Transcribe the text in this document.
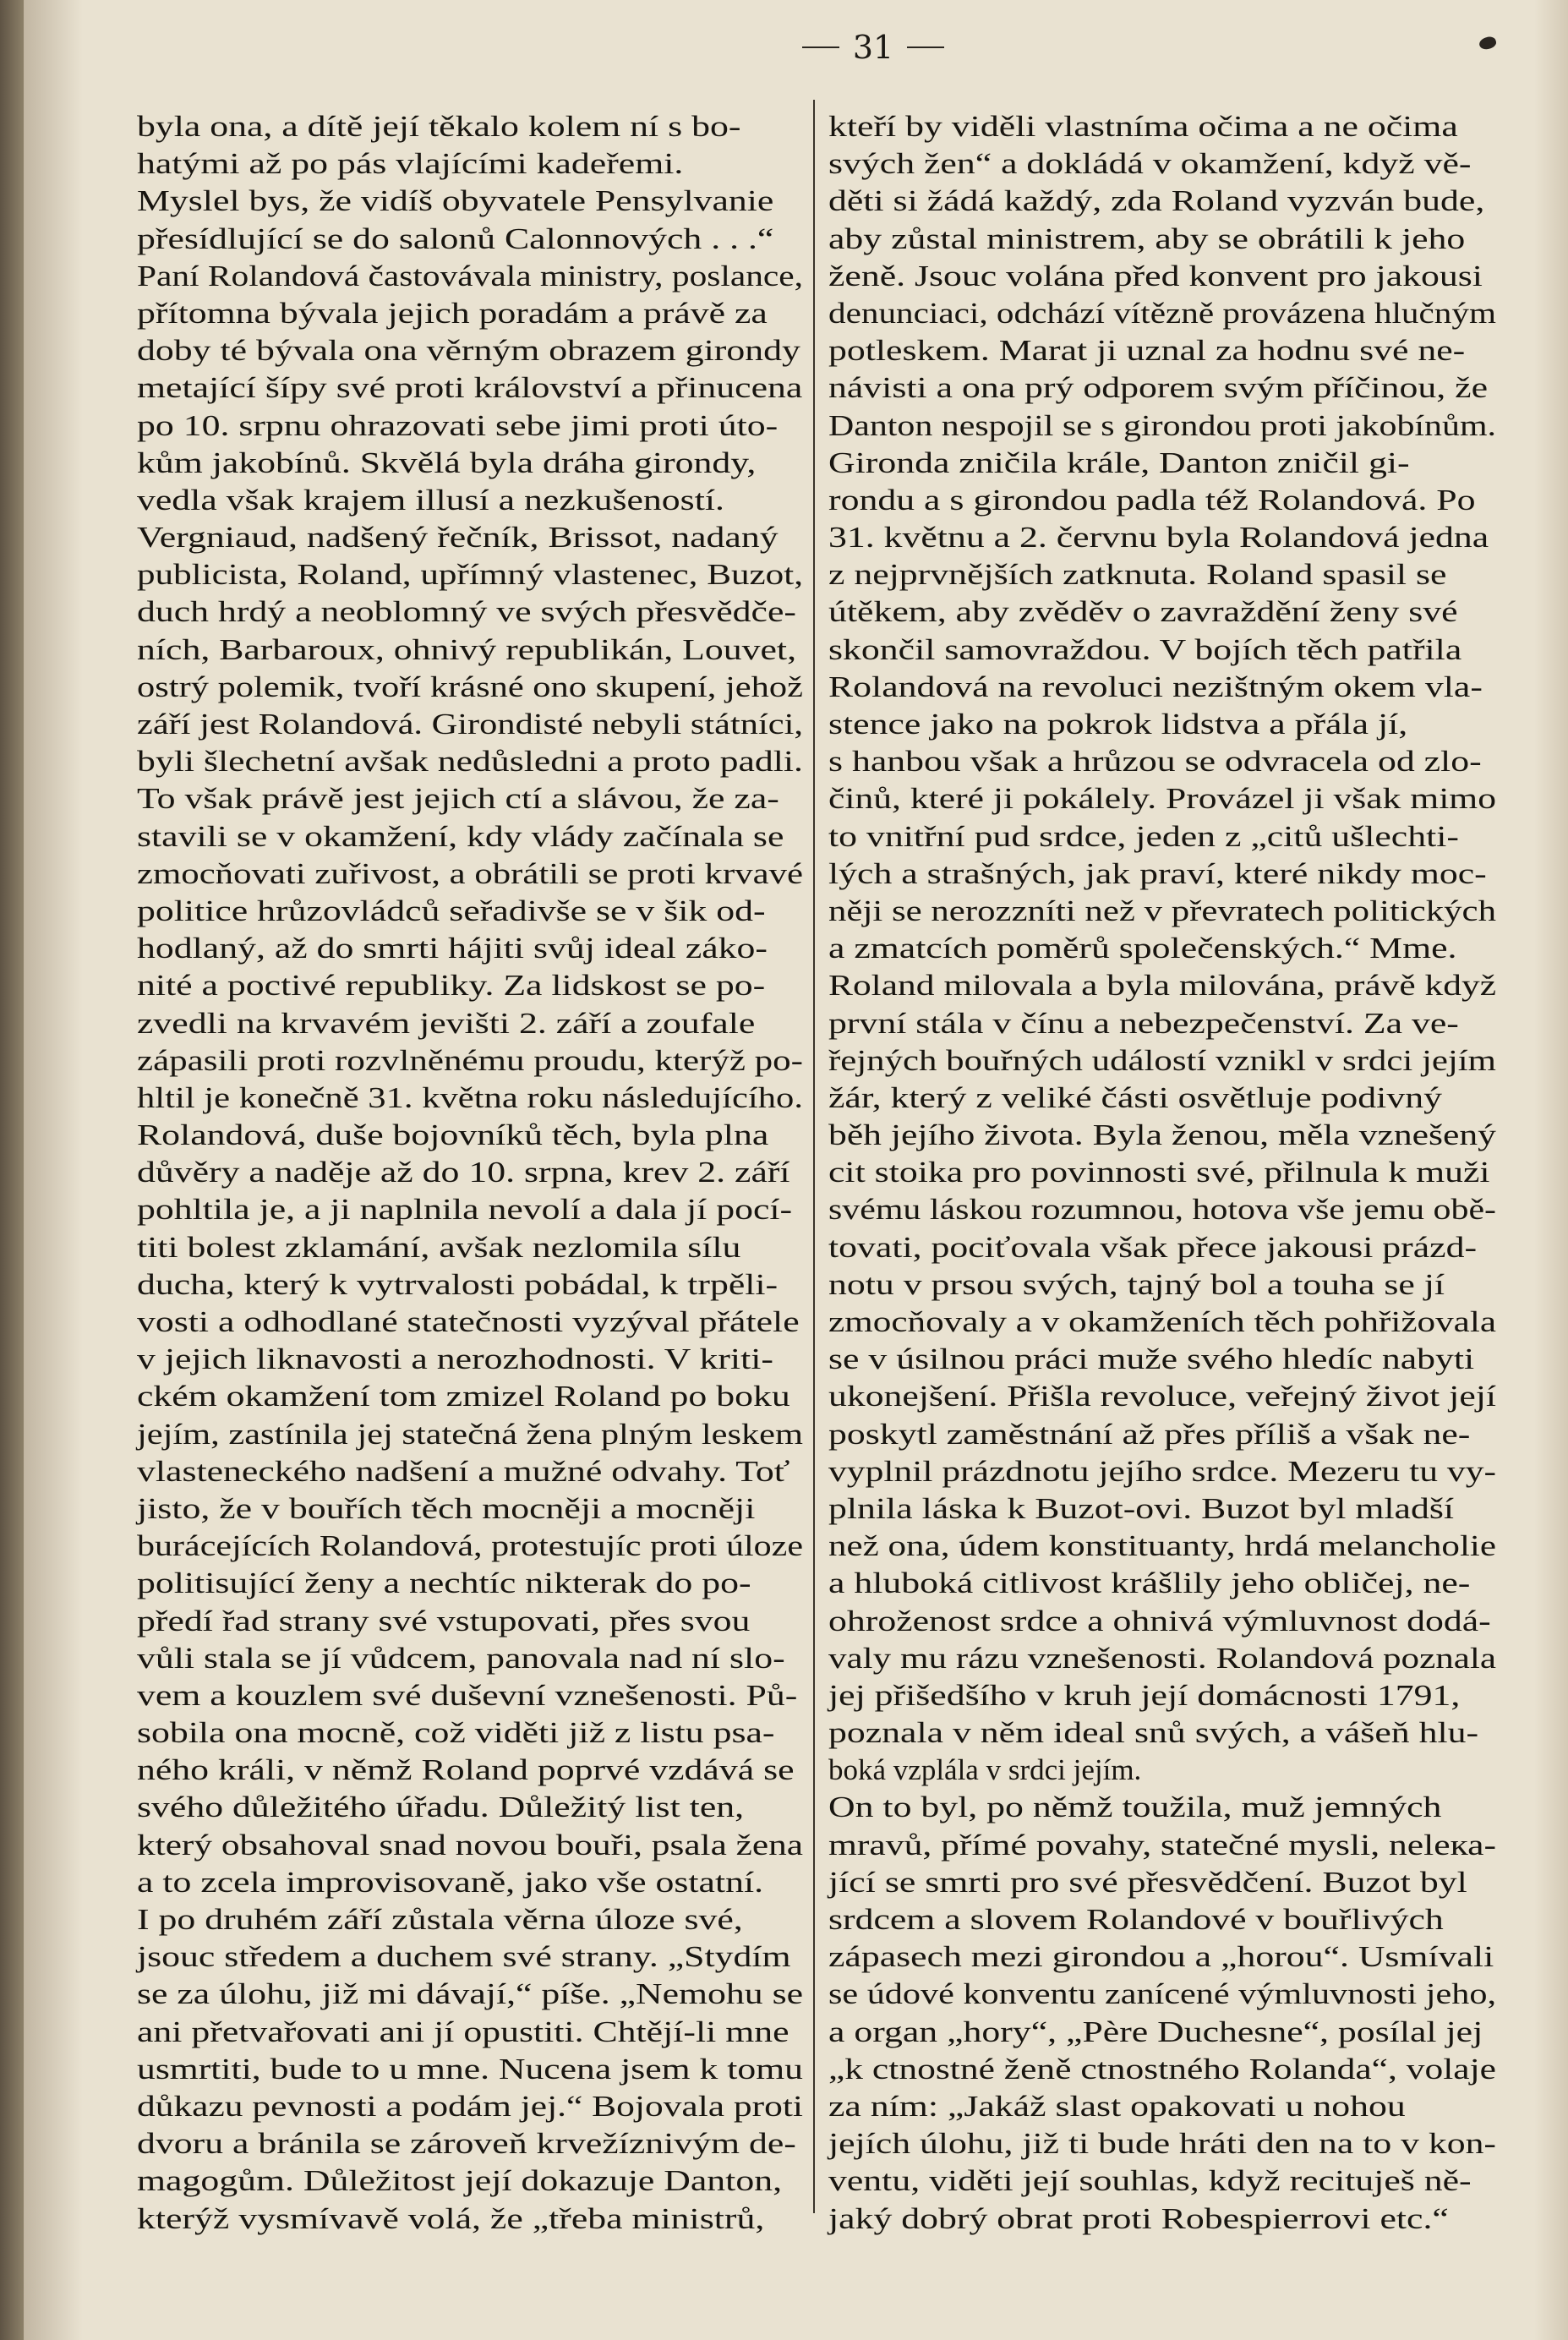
31
byla ona, a dítě její těkalo kolem ní s bo-
hatými až po pás vlajícími kadeřemi.
Myslel bys, že vidíš obyvatele Pensylvanie
přesídlující se do salonů Calonnových . . .“
Paní Rolandová častovávala ministry, poslance,
přítomna bývala jejich poradám a právě za
doby té bývala ona věrným obrazem girondy
metající šípy své proti království a přinucena
po 10. srpnu ohrazovati sebe jimi proti úto-
kům jakobínů. Skvělá byla dráha girondy,
vedla však krajem illusí a nezkušeností.
Vergniaud, nadšený řečník, Brissot, nadaný
publicista, Roland, upřímný vlastenec, Buzot,
duch hrdý a neoblomný ve svých přesvědče-
ních, Barbaroux, ohnivý republikán, Louvet,
ostrý polemik, tvoří krásné ono skupení, jehož
září jest Rolandová. Girondisté nebyli státníci,
byli šlechetní avšak nedůsledni a proto padli.
To však právě jest jejich ctí a slávou, že za-
stavili se v okamžení, kdy vlády začínala se
zmocňovati zuřivost, a obrátili se proti krvavé
politice hrůzovládců seřadivše se v šik od-
hodlaný, až do smrti hájiti svůj ideal záko-
nité a poctivé republiky. Za lidskost se po-
zvedli na krvavém jevišti 2. září a zoufale
zápasili proti rozvlněnému proudu, kterýž po-
hltil je konečně 31. května roku následujícího.
Rolandová, duše bojovníků těch, byla plna
důvěry a naděje až do 10. srpna, krev 2. září
pohltila je, a ji naplnila nevolí a dala jí pocí-
titi bolest zklamání, avšak nezlomila sílu
ducha, který k vytrvalosti pobádal, k trpěli-
vosti a odhodlané statečnosti vyzýval přátele
v jejich liknavosti a nerozhodnosti. V kriti-
ckém okamžení tom zmizel Roland po boku
jejím, zastínila jej statečná žena plným leskem
vlasteneckého nadšení a mužné odvahy. Toť
jisto, že v bouřích těch mocněji a mocněji
burácejících Rolandová, protestujíc proti úloze
politisující ženy a nechtíc nikterak do po-
předí řad strany své vstupovati, přes svou
vůli stala se jí vůdcem, panovala nad ní slo-
vem a kouzlem své duševní vznešenosti. Pů-
sobila ona mocně, což viděti již z listu psa-
ného králi, v němž Roland poprvé vzdává se
svého důležitého úřadu. Důležitý list ten,
který obsahoval snad novou bouři, psala žena
a to zcela improvisovaně, jako vše ostatní.
I po druhém září zůstala věrna úloze své,
jsouc středem a duchem své strany. „Stydím
se za úlohu, již mi dávají,“ píše. „Nemohu se
ani přetvařovati ani jí opustiti. Chtějí-li mne
usmrtiti, bude to u mne. Nucena jsem k tomu
důkazu pevnosti a podám jej.“ Bojovala proti
dvoru a bránila se zároveň krvežíznivým de-
magogům. Důležitost její dokazuje Danton,
kterýž vysmívavě volá, že „třeba ministrů,
kteří by viděli vlastníma očima a ne očima
svých žen“ a dokládá v okamžení, když vě-
děti si žádá každý, zda Roland vyzván bude,
aby zůstal ministrem, aby se obrátili k jeho
ženě. Jsouc volána před konvent pro jakousi
denunciaci, odchází vítězně provázena hlučným
potleskem. Marat ji uznal za hodnu své ne-
návisti a ona prý odporem svým příčinou, že
Danton nespojil se s girondou proti jakobínům.
Gironda zničila krále, Danton zničil gi-
rondu a s girondou padla též Rolandová. Po
31. květnu a 2. červnu byla Rolandová jedna
z nejprvnějších zatknuta. Roland spasil se
útěkem, aby zvěděv o zavraždění ženy své
skončil samovraždou. V bojích těch patřila
Rolandová na revoluci nezištným okem vla-
stence jako na pokrok lidstva a přála jí,
s hanbou však a hrůzou se odvracela od zlo-
činů, které ji pokálely. Provázel ji však mimo
to vnitřní pud srdce, jeden z „citů ušlechti-
lých a strašných, jak praví, které nikdy moc-
něji se nerozzníti než v převratech politických
a zmatcích poměrů společenských.“ Mme.
Roland milovala a byla milována, právě když
první stála v čínu a nebezpečenství. Za ve-
řejných bouřných událostí vznikl v srdci jejím
žár, který z veliké části osvětluje podivný
běh jejího života. Byla ženou, měla vznešený
cit stoika pro povinnosti své, přilnula k muži
svému láskou rozumnou, hotova vše jemu obě-
tovati, pociťovala však přece jakousi prázd-
notu v prsou svých, tajný bol a touha se jí
zmocňovaly a v okamženích těch pohřižovala
se v úsilnou práci muže svého hledíc nabyti
ukonejšení. Přišla revoluce, veřejný život její
poskytl zaměstnání až přes příliš a však ne-
vyplnil prázdnotu jejího srdce. Mezeru tu vy-
plnila láska k Buzot-ovi. Buzot byl mladší
než ona, údem konstituanty, hrdá melancholie
a hluboká citlivost krášlily jeho obličej, ne-
ohroženost srdce a ohnivá výmluvnost dodá-
valy mu rázu vznešenosti. Rolandová poznala
jej přišedšího v kruh její domácnosti 1791,
poznala v něm ideal snů svých, a vášeň hlu-
boká vzplála v srdci jejím.
On to byl, po němž toužila, muž jemných
mravů, přímé povahy, statečné mysli, nelека-
jící se smrti pro své přesvědčení. Buzot byl
srdcem a slovem Rolandové v bouřlivých
zápasech mezi girondou a „horou“. Usmívali
se údové konventu zanícené výmluvnosti jeho,
a organ „hory“, „Père Duchesne“, posílal jej
„k ctnostné ženě ctnostného Rolanda“, volaje
za ním: „Jakáž slast opakovati u nohou
jejích úlohu, již ti bude hráti den na to v kon-
ventu, viděti její souhlas, když recituješ ně-
jaký dobrý obrat proti Robespierrovi etc.“
